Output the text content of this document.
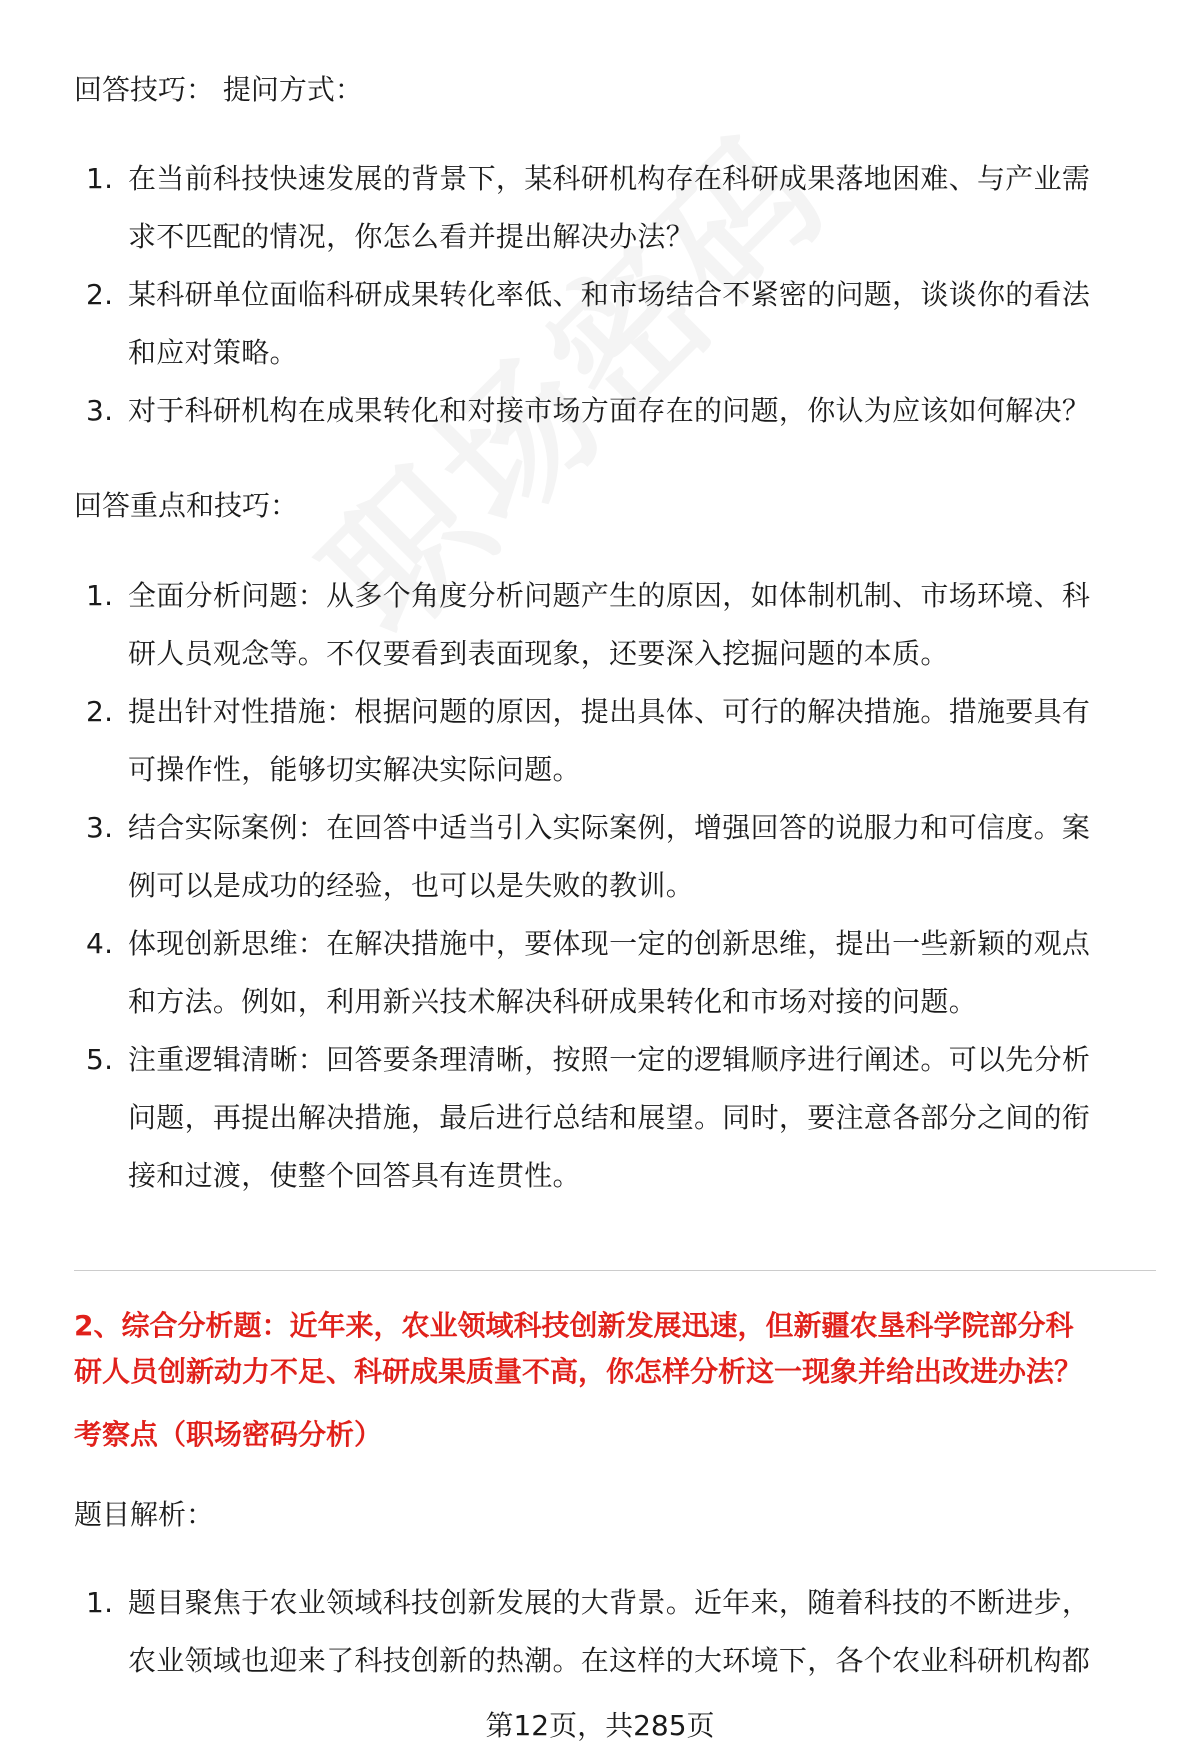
回答技巧： 提问方式：
1. 在当前科技快速发展的背景下，某科研机构存在科研成果落地困难、与产业需
求不匹配的情况，你怎么看并提出解决办法？
2. 某科研单位面临科研成果转化率低、和市场结合不紧密的问题，谈谈你的看法
和应对策略。
3. 对于科研机构在成果转化和对接市场方面存在的问题，你认为应该如何解决？
回答重点和技巧：
1. 全面分析问题：从多个角度分析问题产生的原因，如体制机制、市场环境、科
研人员观念等。不仅要看到表面现象，还要深入挖掘问题的本质。
2. 提出针对性措施：根据问题的原因，提出具体、可行的解决措施。措施要具有
可操作性，能够切实解决实际问题。
3. 结合实际案例：在回答中适当引入实际案例，增强回答的说服力和可信度。案
例可以是成功的经验，也可以是失败的教训。
4. 体现创新思维：在解决措施中，要体现一定的创新思维，提出一些新颖的观点
和方法。例如，利用新兴技术解决科研成果转化和市场对接的问题。
5. 注重逻辑清晰：回答要条理清晰，按照一定的逻辑顺序进行阐述。可以先分析
问题，再提出解决措施，最后进行总结和展望。同时，要注意各部分之间的衔
接和过渡，使整个回答具有连贯性。
2、综合分析题：近年来，农业领域科技创新发展迅速，但新疆农垦科学院部分科
研人员创新动力不足、科研成果质量不高，你怎样分析这一现象并给出改进办法？
考察点（职场密码分析）
题目解析：
1. 题目聚焦于农业领域科技创新发展的大背景。近年来，随着科技的不断进步，
农业领域也迎来了科技创新的热潮。在这样的大环境下，各个农业科研机构都
第12页，共285页
